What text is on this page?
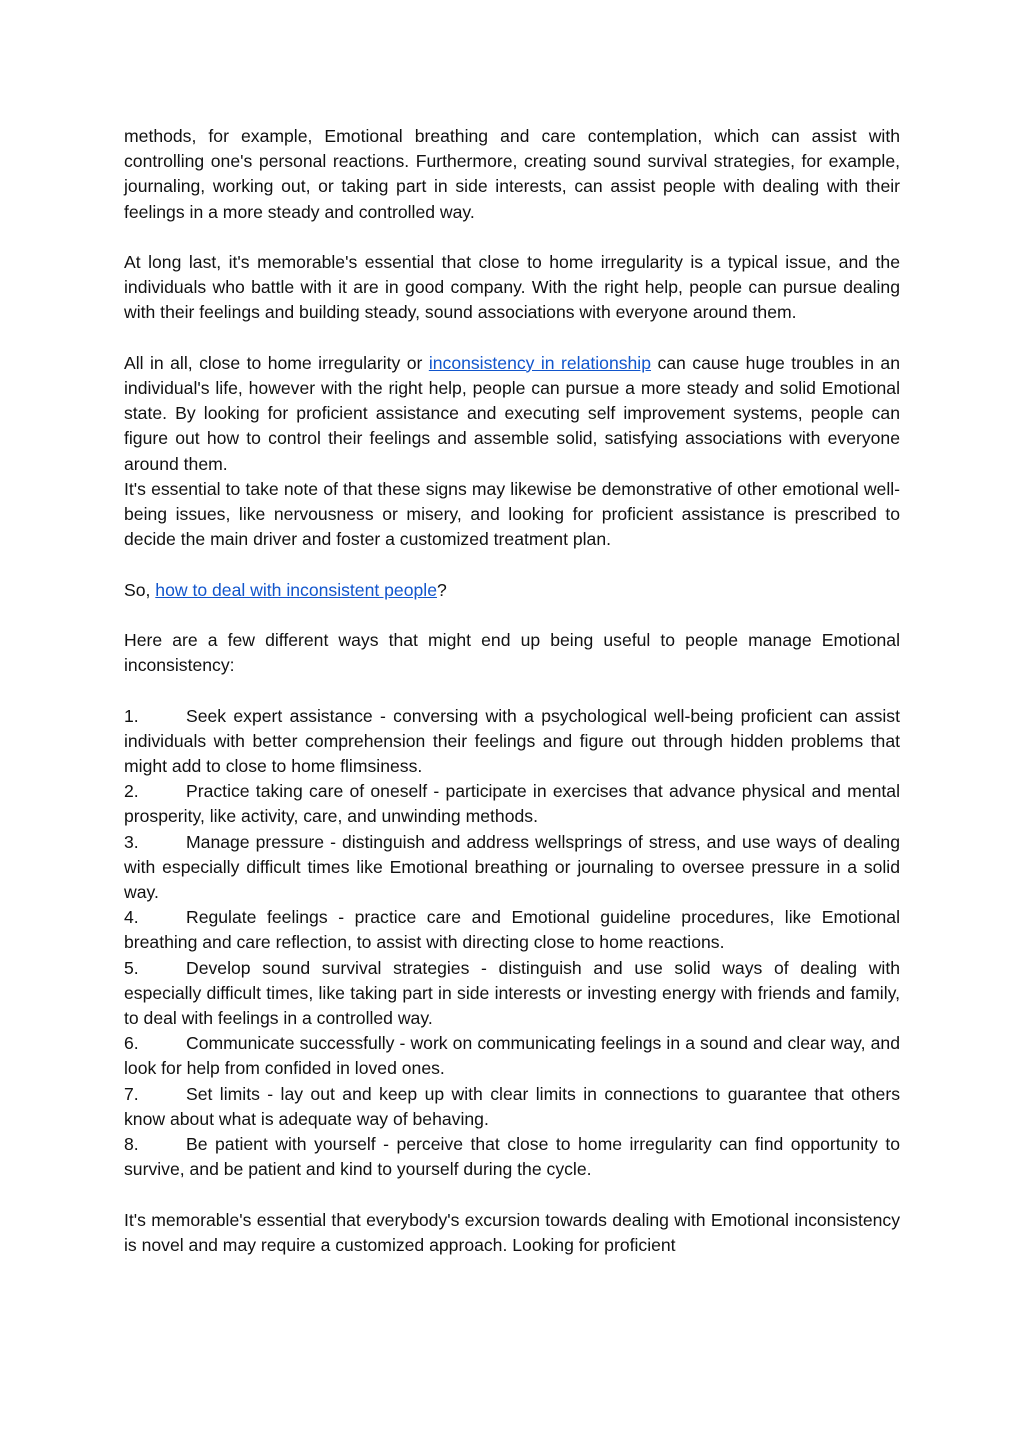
methods, for example, Emotional breathing and care contemplation, which can assist with controlling one's personal reactions. Furthermore, creating sound survival strategies, for example, journaling, working out, or taking part in side interests, can assist people with dealing with their feelings in a more steady and controlled way.

At long last, it's memorable's essential that close to home irregularity is a typical issue, and the individuals who battle with it are in good company. With the right help, people can pursue dealing with their feelings and building steady, sound associations with everyone around them.

All in all, close to home irregularity or inconsistency in relationship can cause huge troubles in an individual's life, however with the right help, people can pursue a more steady and solid Emotional state. By looking for proficient assistance and executing self improvement systems, people can figure out how to control their feelings and assemble solid, satisfying associations with everyone around them.

It's essential to take note of that these signs may likewise be demonstrative of other emotional well-being issues, like nervousness or misery, and looking for proficient assistance is prescribed to decide the main driver and foster a customized treatment plan.

So, how to deal with inconsistent people?

Here are a few different ways that might end up being useful to people manage Emotional inconsistency:

1.	Seek expert assistance - conversing with a psychological well-being proficient can assist individuals with better comprehension their feelings and figure out through hidden problems that might add to close to home flimsiness.

2.	Practice taking care of oneself - participate in exercises that advance physical and mental prosperity, like activity, care, and unwinding methods.

3.	Manage pressure - distinguish and address wellsprings of stress, and use ways of dealing with especially difficult times like Emotional breathing or journaling to oversee pressure in a solid way.

4.	Regulate feelings - practice care and Emotional guideline procedures, like Emotional breathing and care reflection, to assist with directing close to home reactions.

5.	Develop sound survival strategies - distinguish and use solid ways of dealing with especially difficult times, like taking part in side interests or investing energy with friends and family, to deal with feelings in a controlled way.

6.	Communicate successfully - work on communicating feelings in a sound and clear way, and look for help from confided in loved ones.

7.	Set limits - lay out and keep up with clear limits in connections to guarantee that others know about what is adequate way of behaving.

8.	Be patient with yourself - perceive that close to home irregularity can find opportunity to survive, and be patient and kind to yourself during the cycle.

It's memorable's essential that everybody's excursion towards dealing with Emotional inconsistency is novel and may require a customized approach. Looking for proficient
